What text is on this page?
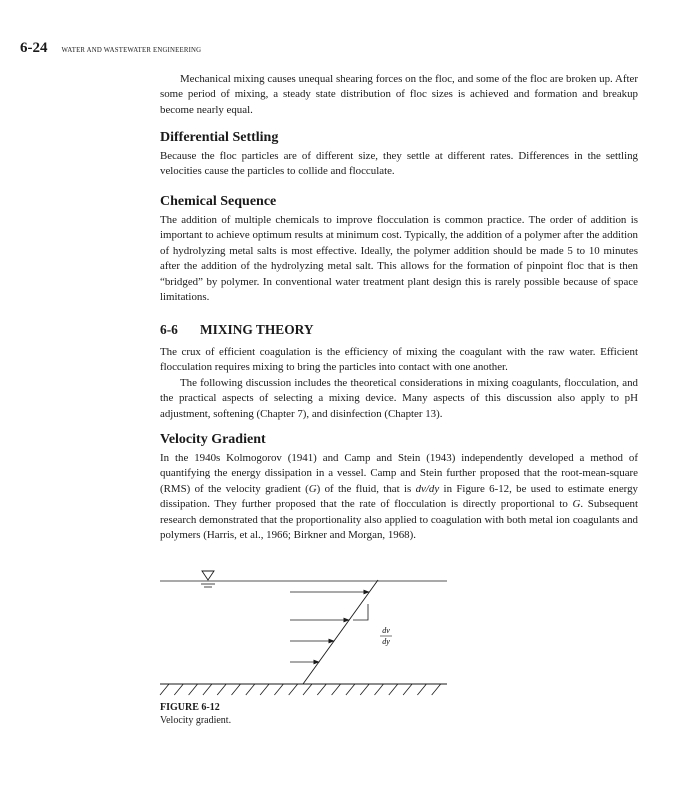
6-24 WATER AND WASTEWATER ENGINEERING

Mechanical mixing causes unequal shearing forces on the floc, and some of the floc are broken up. After some period of mixing, a steady state distribution of floc sizes is achieved and formation and breakup become nearly equal.

Differential Settling

Because the floc particles are of different size, they settle at different rates. Differences in the settling velocities cause the particles to collide and flocculate.

Chemical Sequence

The addition of multiple chemicals to improve flocculation is common practice. The order of addition is important to achieve optimum results at minimum cost. Typically, the addition of a polymer after the addition of hydrolyzing metal salts is most effective. Ideally, the polymer addition should be made 5 to 10 minutes after the addition of the hydrolyzing metal salt. This allows for the formation of pinpoint floc that is then “bridged” by polymer. In conventional water treatment plant design this is rarely possible because of space limitations.

6-6	MIXING THEORY

The crux of efficient coagulation is the efficiency of mixing the coagulant with the raw water. Efficient flocculation requires mixing to bring the particles into contact with one another.

The following discussion includes the theoretical considerations in mixing coagulants, flocculation, and the practical aspects of selecting a mixing device. Many aspects of this discussion also apply to pH adjustment, softening (Chapter 7), and disinfection (Chapter 13).

Velocity Gradient

In the 1940s Kolmogorov (1941) and Camp and Stein (1943) independently developed a method of quantifying the energy dissipation in a vessel. Camp and Stein further proposed that the root-mean-square (RMS) of the velocity gradient (G) of the fluid, that is dv/dy in Figure 6-12, be used to estimate energy dissipation. They further proposed that the rate of flocculation is directly proportional to G. Subsequent research demonstrated that the proportionality also applied to coagulation with both metal ion coagulants and polymers (Harris, et al., 1966; Birkner and Morgan, 1968).

dv
dy
FIGURE 6-12
Velocity gradient.
